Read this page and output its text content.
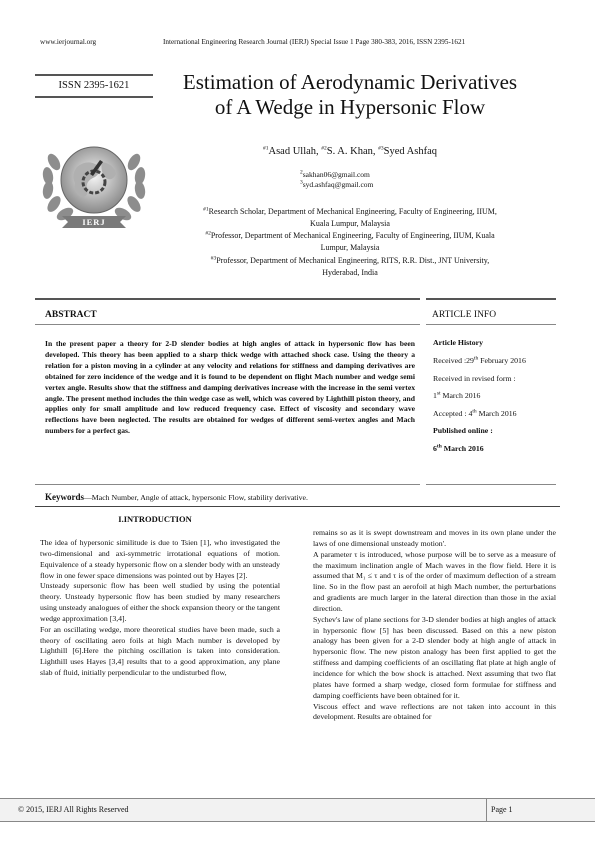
www.ierjournal.org	International Engineering Research Journal (IERJ) Special Issue 1 Page 380-383, 2016, ISSN 2395-1621
ISSN 2395-1621	Estimation of Aerodynamic Derivatives
of A Wedge in Hypersonic Flow
IERJ
$^{\#1}$Asad Ullah, $^{\#2}$S. A. Khan, $^{\#3}$Syed Ashfaq
$^2$sakhan06@gmail.com
$^3$syd.ashfaq@gmail.com
$^{\#1}$Research Scholar, Department of Mechanical Engineering, Faculty of Engineering, IIUM,
Kuala Lumpur, Malaysia
$^{\#2}$Professor, Department of Mechanical Engineering, Faculty of Engineering, IIUM, Kuala
Lumpur, Malaysia
$^{\#3}$Professor, Department of Mechanical Engineering, RITS, R.R. Dist., JNT University,
Hyderabad, India
ABSTRACT
In the present paper a theory for 2-D slender bodies at high angles of attack in hypersonic flow has been developed. This theory has been applied to a sharp thick wedge with attached shock case. Using the theory a relation for a piston moving in a cylinder at any velocity and relations for stiffness and damping derivatives are obtained for zero incidence of the wedge and it is found to be dependent on flight Mach number and wedge semi vertex angle. Results show that the stiffness and damping derivatives increase with the increase in the semi vertex angle. The present method includes the thin wedge case as well, which was covered by Lighthill piston theory, and applies only for small amplitude and low reduced frequency case. Effect of viscosity and secondary wave reflections have been neglected. The results are obtained for wedges of different semi-vertex angles and Mach numbers for a perfect gas.
ARTICLE INFO
Article History
Received :29th February 2016
Received in revised form :
1st March 2016
Accepted : 4th March 2016
Published online :
6th March 2016
Keywords—Mach Number, Angle of attack, hypersonic Flow, stability derivative.
I.INTRODUCTION
The idea of hypersonic similitude is due to Tsien [1], who investigated the two-dimensional and axi-symmetric irrotational equations of motion. Equivalence of a steady hypersonic flow on a slender body with an unsteady flow in one fewer space dimensions was pointed out by Hayes [2].
Unsteady supersonic flow has been well studied by using the potential theory. Unsteady hypersonic flow has been studied by many researchers using unsteady analogues of either the shock expansion theory or the tangent wedge approximation [3,4].
For an oscillating wedge, more theoretical studies have been made, such a theory of oscillating aero foils at high Mach number is developed by Lighthill [6].Here the pitching oscillation is taken into consideration. Lighthill uses Hayes [3,4] results that to a good approximation, any plane slab of fluid, initially perpendicular to the undisturbed flow,
remains so as it is swept downstream and moves in its own plane under the laws of one dimensional unsteady motion'.
A parameter τ is introduced, whose purpose will be to serve as a measure of the maximum inclination angle of Mach waves in the flow field. Here it is assumed that M₁ ≤ τ and τ is of the order of maximum deflection of a stream line. So in the flow past an aerofoil at high Mach number, the perturbations and gradients are much larger in the lateral direction than those in the axial direction.
Sychev's law of plane sections for 3-D slender bodies at high angles of attack in hypersonic flow [5] has been discussed. Based on this a new piston analogy has been given for a 2-D slender body at high angle of attack in hypersonic flow. The new piston analogy has been first applied to get the stiffness and damping coefficients of an oscillating flat plate at high angle of incidence for which the bow shock is attached. Next assuming that two flat plates have formed a sharp wedge, closed form formulae for stiffness and damping coefficients have been obtained for it.
Viscous effect and wave reflections are not taken into account in this development. Results are obtained for
© 2015, IERJ All Rights Reserved	Page 1
